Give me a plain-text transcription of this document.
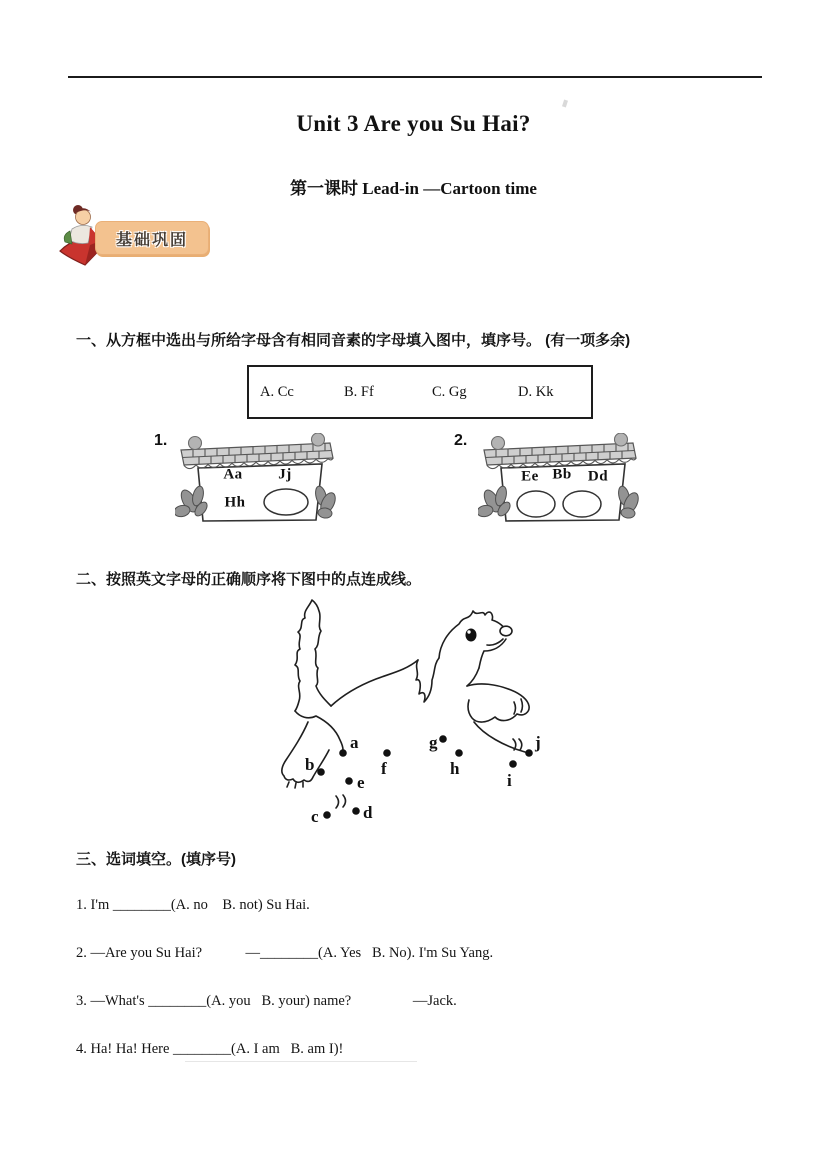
Unit 3 Are you Su Hai?
第一课时 Lead-in —Cartoon time
基础巩固
一、从方框中选出与所给字母含有相同音素的字母填入图中，填序号。 (有一项多余)
A. Cc	B. Ff	C. Gg	D. Kk
1.
Aa Jj
Hh
2.
Ee Bb Dd
二、按照英文字母的正确顺序将下图中的点连成线。
a
b
c	d
e
f
g
h
i
j
三、选词填空。(填序号)
1. I'm ________(A. no    B. not) Su Hai.
2. —Are you Su Hai?            —________(A. Yes   B. No). I'm Su Yang.
3. —What's ________(A. you   B. your) name?                 —Jack.
4. Ha! Ha! Here ________(A. I am   B. am I)!
